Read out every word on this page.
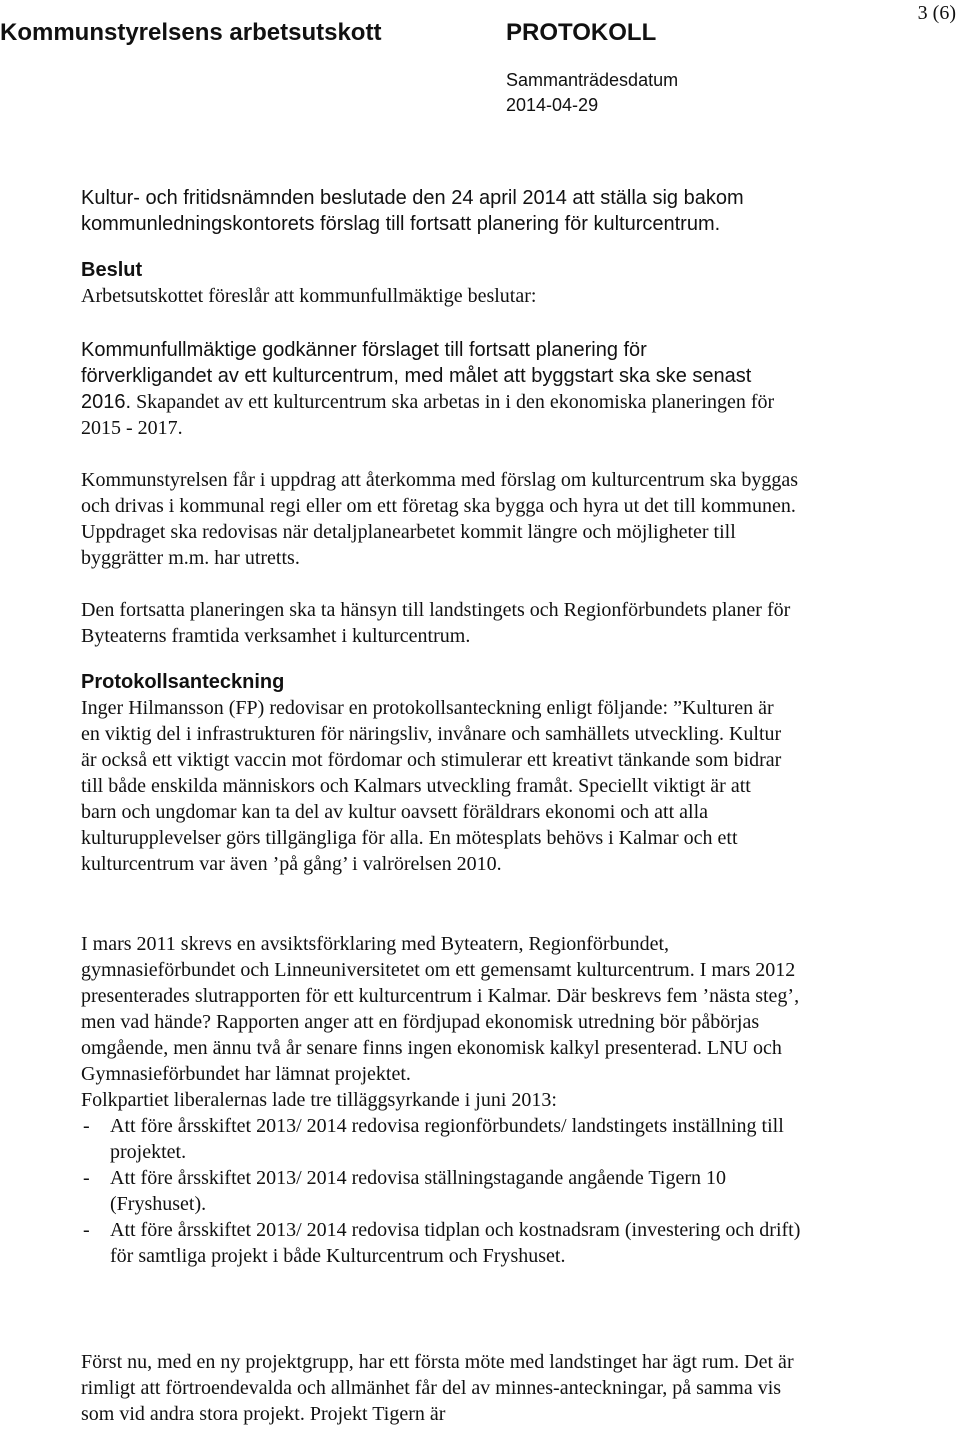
Kommunstyrelsens arbetsutskott	PROTOKOLL
3 (6)
Sammanträdesdatum
2014-04-29

Kultur- och fritidsnämnden beslutade den 24 april 2014 att ställa sig bakom kommunledningskontorets förslag till fortsatt planering för kulturcentrum.

Beslut

Arbetsutskottet föreslår att kommunfullmäktige beslutar:

Kommunfullmäktige godkänner förslaget till fortsatt planering för förverkligandet av ett kulturcentrum, med målet att byggstart ska ske senast 2016. Skapandet av ett kulturcentrum ska arbetas in i den ekonomiska planeringen för 2015 - 2017.

Kommunstyrelsen får i uppdrag att återkomma med förslag om kulturcentrum ska byggas och drivas i kommunal regi eller om ett företag ska bygga och hyra ut det till kommunen. Uppdraget ska redovisas när detaljplanearbetet kommit längre och möjligheter till byggrätter m.m. har utretts.

Den fortsatta planeringen ska ta hänsyn till landstingets och Regionförbundets planer för Byteaterns framtida verksamhet i kulturcentrum.

Protokollsanteckning

Inger Hilmansson (FP) redovisar en protokollsanteckning enligt följande: ”Kulturen är en viktig del i infrastrukturen för näringsliv, invånare och samhällets utveckling. Kultur är också ett viktigt vaccin mot fördomar och stimulerar ett kreativt tänkande som bidrar till både enskilda människors och Kalmars utveckling framåt. Speciellt viktigt är att barn och ungdomar kan ta del av kultur oavsett föräldrars ekonomi och att alla kulturupplevelser görs tillgängliga för alla. En mötesplats behövs i Kalmar och ett kulturcentrum var även ’på gång’ i valrörelsen 2010.

I mars 2011 skrevs en avsiktsförklaring med Byteatern, Regionförbundet, gymnasieförbundet och Linneuniversitetet om ett gemensamt kulturcentrum. I mars 2012 presenterades slutrapporten för ett kulturcentrum i Kalmar. Där beskrevs fem ’nästa steg’, men vad hände? Rapporten anger att en fördjupad ekonomisk utredning bör påbörjas omgående, men ännu två år senare finns ingen ekonomisk kalkyl presenterad. LNU och Gymnasieförbundet har lämnat projektet.

Folkpartiet liberalernas lade tre tilläggsyrkande i juni 2013:

- Att före årsskiftet 2013/ 2014 redovisa regionförbundets/ landstingets inställning till projektet.
- Att före årsskiftet 2013/ 2014 redovisa ställningstagande angående Tigern 10 (Fryshuset).
- Att före årsskiftet 2013/ 2014 redovisa tidplan och kostnadsram (investering och drift) för samtliga projekt i både Kulturcentrum och Fryshuset.

Först nu, med en ny projektgrupp, har ett första möte med landstinget har ägt rum. Det är rimligt att förtroendevalda och allmänhet får del av minnes-anteckningar, på samma vis som vid andra stora projekt. Projekt Tigern är
